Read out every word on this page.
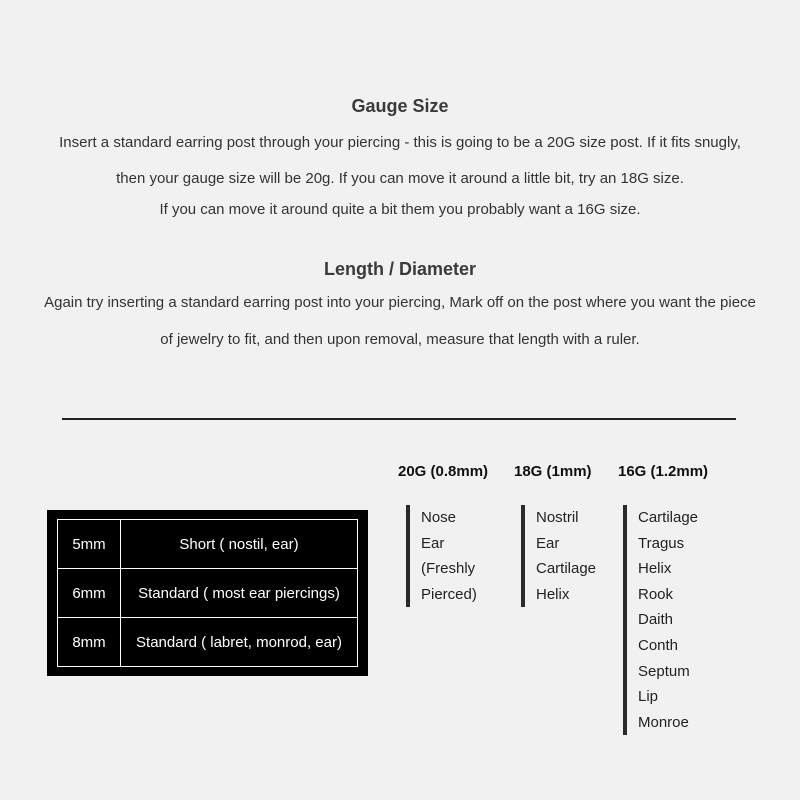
Gauge Size
Insert a standard earring post through your piercing - this is going to be a 20G size post. If it fits snugly,
then your gauge size will be 20g. If you can move it around a little bit, try an 18G size.
If you can move it around quite a bit them you probably want a 16G size.
Length / Diameter
Again try inserting a standard earring post into your piercing, Mark off on the post where you want the piece
of jewelry to fit, and then upon removal, measure that length with a ruler.
5mm	Short ( nostil, ear)
6mm	Standard ( most ear piercings)
8mm	Standard ( labret, monrod, ear)
20G (0.8mm)
Nose
Ear
(Freshly
Pierced)
18G (1mm)
Nostril
Ear
Cartilage
Helix
16G (1.2mm)
Cartilage
Tragus
Helix
Rook
Daith
Conth
Septum
Lip
Monroe
